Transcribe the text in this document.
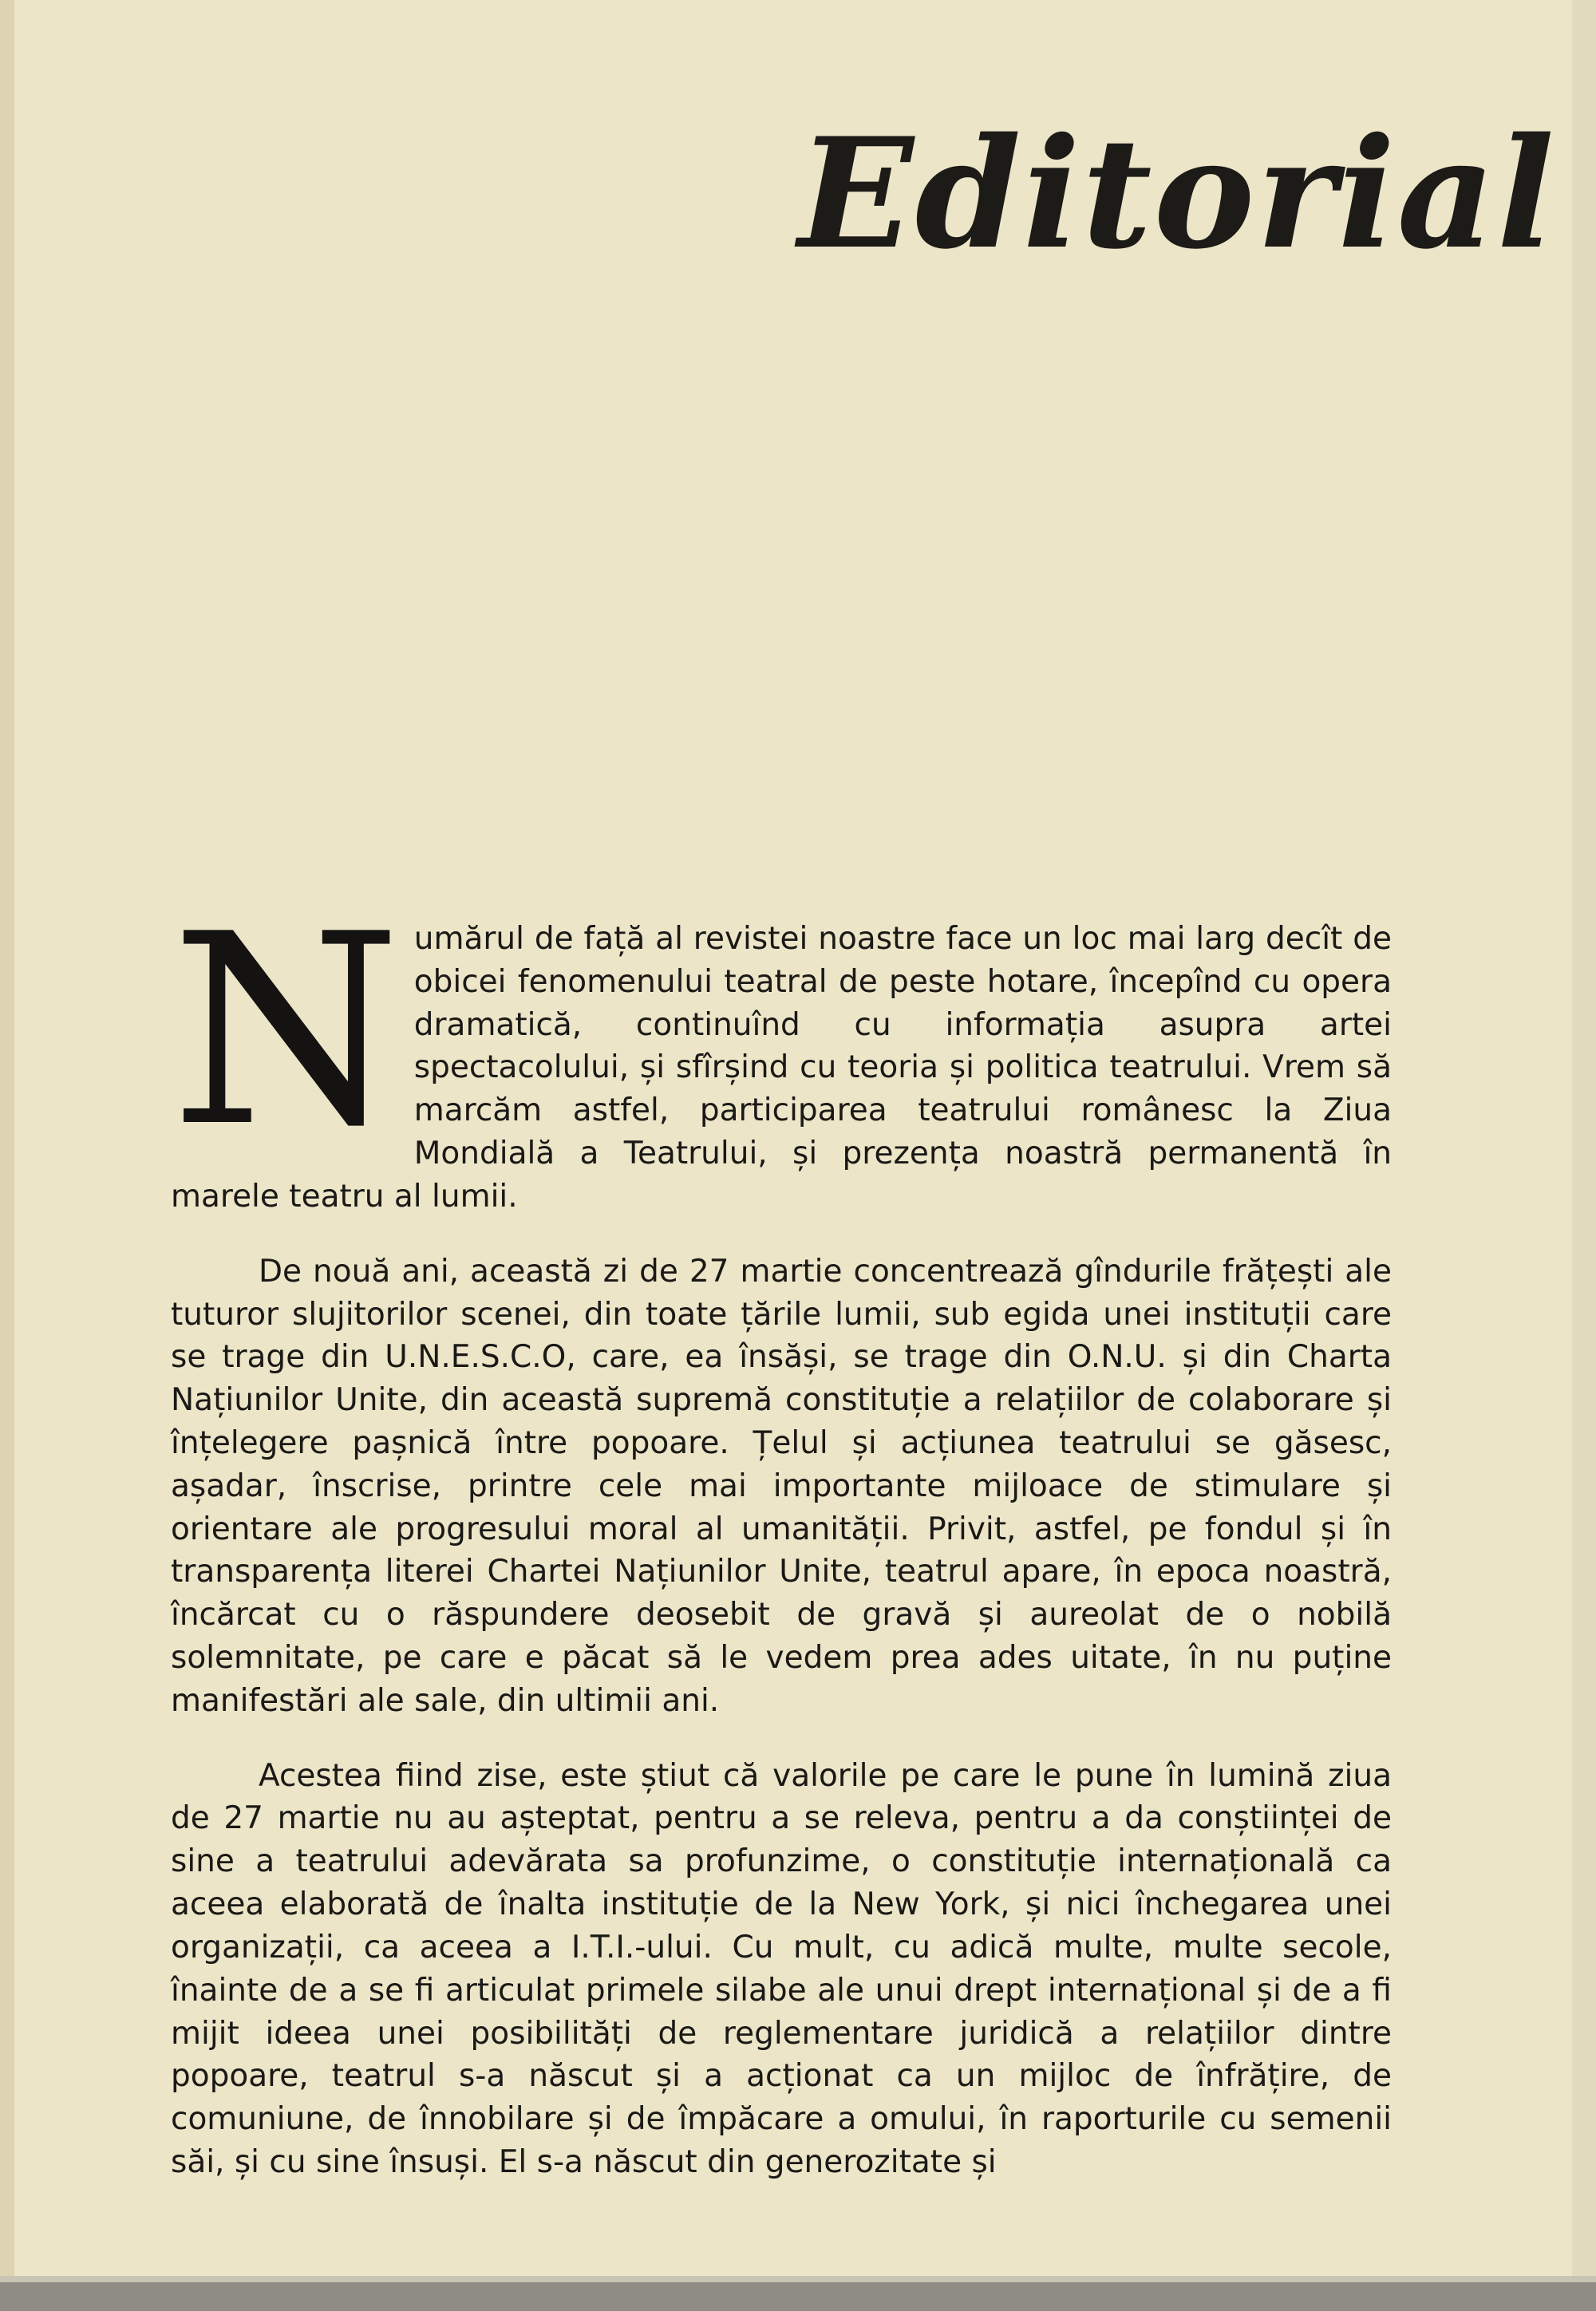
Editorial

Numărul de față al revistei noastre face un loc mai larg decît de obicei fenomenului teatral de peste hotare, începînd cu opera dramatică, continuînd cu informația asupra artei spectacolului, și sfîrșind cu teoria și politica teatrului. Vrem să marcăm astfel, participarea teatrului românesc la Ziua Mondială a Teatrului, și prezența noastră permanentă în marele teatru al lumii.

De nouă ani, această zi de 27 martie concentrează gîndurile frățești ale tuturor slujitorilor scenei, din toate țările lumii, sub egida unei instituții care se trage din U.N.E.S.C.O, care, ea însăși, se trage din O.N.U. și din Charta Națiunilor Unite, din această supremă constituție a relațiilor de colaborare și înțelegere pașnică între popoare. Țelul și acțiunea teatrului se găsesc, așadar, înscrise, printre cele mai importante mijloace de stimulare și orientare ale progresului moral al umanității. Privit, astfel, pe fondul și în transparența literei Chartei Națiunilor Unite, teatrul apare, în epoca noastră, încărcat cu o răspundere deosebit de gravă și aureolat de o nobilă solemnitate, pe care e păcat să le vedem prea ades uitate, în nu puține manifestări ale sale, din ultimii ani.

Acestea fiind zise, este știut că valorile pe care le pune în lumină ziua de 27 martie nu au așteptat, pentru a se releva, pentru a da conștiinței de sine a teatrului adevărata sa profunzime, o constituție internațională ca aceea elaborată de înalta instituție de la New York, și nici închegarea unei organizații, ca aceea a I.T.I.-ului. Cu mult, cu adică multe, multe secole, înainte de a se fi articulat primele silabe ale unui drept internațional și de a fi mijit ideea unei posibilități de reglementare juridică a relațiilor dintre popoare, teatrul s-a născut și a acționat ca un mijloc de înfrățire, de comuniune, de înnobilare și de împăcare a omului, în raporturile cu semenii săi, și cu sine însuși. El s-a născut din generozitate și
